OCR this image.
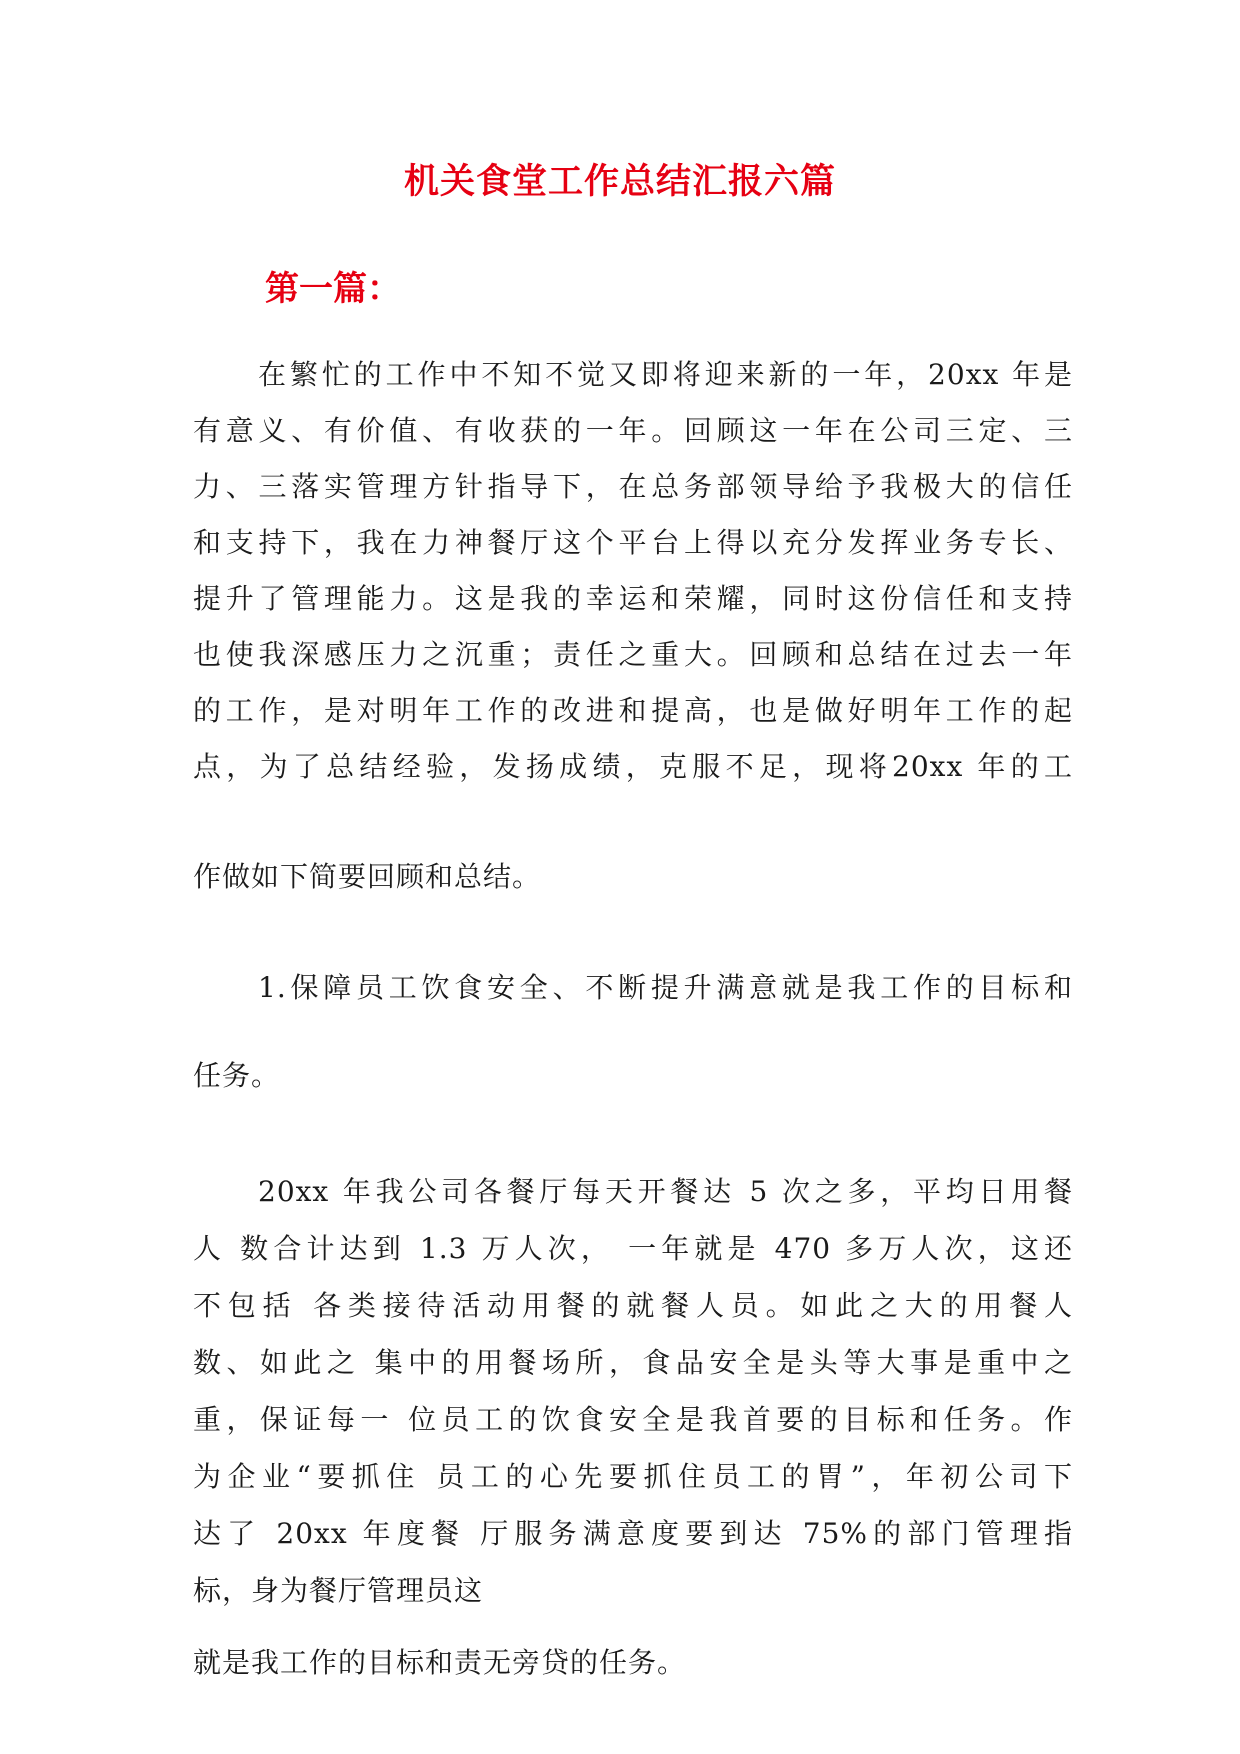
机关食堂工作总结汇报六篇
第一篇：
在繁忙的工作中不知不觉又即将迎来新的一年，20xx 年是
有意义、有价值、有收获的一年。回顾这一年在公司三定、三
力、三落实管理方针指导下，在总务部领导给予我极大的信任
和支持下，我在力神餐厅这个平台上得以充分发挥业务专长、
提升了管理能力。这是我的幸运和荣耀，同时这份信任和支持
也使我深感压力之沉重；责任之重大。回顾和总结在过去一年
的工作，是对明年工作的改进和提高，也是做好明年工作的起
点，为了总结经验，发扬成绩，克服不足，现将20xx 年的工
作做如下简要回顾和总结。
1.保障员工饮食安全、不断提升满意就是我工作的目标和
任务。
20xx 年我公司各餐厅每天开餐达 5 次之多，平均日用餐
人 数合计达到 1.3 万人次， 一年就是 470 多万人次，这还
不包括 各类接待活动用餐的就餐人员。如此之大的用餐人
数、如此之 集中的用餐场所，食品安全是头等大事是重中之
重，保证每一 位员工的饮食安全是我首要的目标和任务。作
为企业“要抓住 员工的心先要抓住员工的胃”，年初公司下
达了 20xx 年度餐 厅服务满意度要到达 75%的部门管理指
标，身为餐厅管理员这
就是我工作的目标和责无旁贷的任务。
